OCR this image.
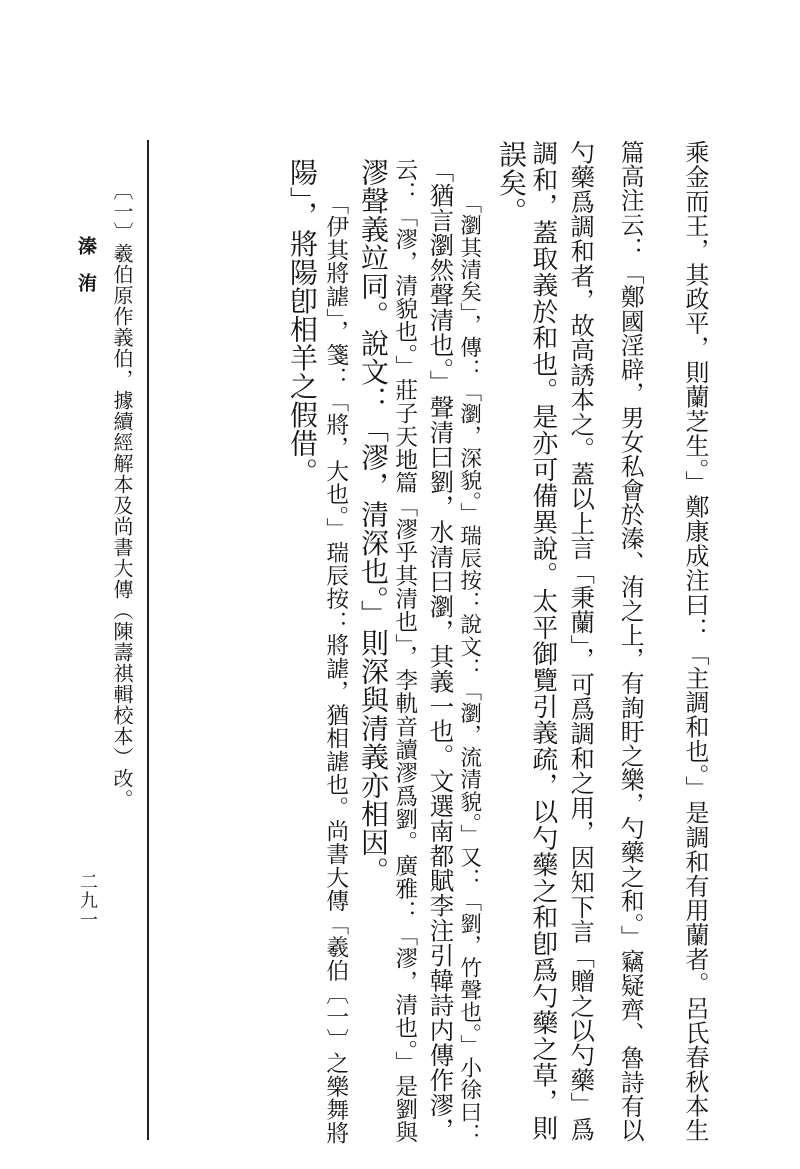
乘金而王，其政平，則蘭芝生。」鄭康成注曰：「主調和也。」是調和有用蘭者。呂氏春秋本生
篇高注云：「鄭國淫辟，男女私會於溱、洧之上，有詢盱之樂，勺藥之和。」竊疑齊、魯詩有以
勺藥爲調和者，故高誘本之。蓋以上言「秉蘭」，可爲調和之用，因知下言「贈之以勺藥」爲
調和，蓋取義於和也。是亦可備異說。太平御覽引義疏，以勺藥之和卽爲勺藥之草，則
誤矣。
「瀏其清矣」，傳：「瀏，深貌。」瑞辰按：說文：「瀏，流清貌。」又：「劉，竹聲也。」小徐曰：
「猶言瀏然聲清也。」聲清曰劉，水清曰瀏，其義一也。文選南都賦李注引韓詩内傳作漻，
云：「漻，清貌也。」莊子天地篇「漻乎其清也」，李軌音讀漻爲劉。廣雅：「漻，清也。」是劉與
漻聲義竝同。說文：「漻，清深也。」則深與清義亦相因。
「伊其將謔」，箋：「將，大也。」瑞辰按：將謔，猶相謔也。尚書大傳「羲伯〔一〕之樂舞將
陽」，將陽卽相羊之假借。
〔一〕羲伯原作義伯，據續經解本及尚書大傳（陳壽祺輯校本）改。
溱洧
二九一
